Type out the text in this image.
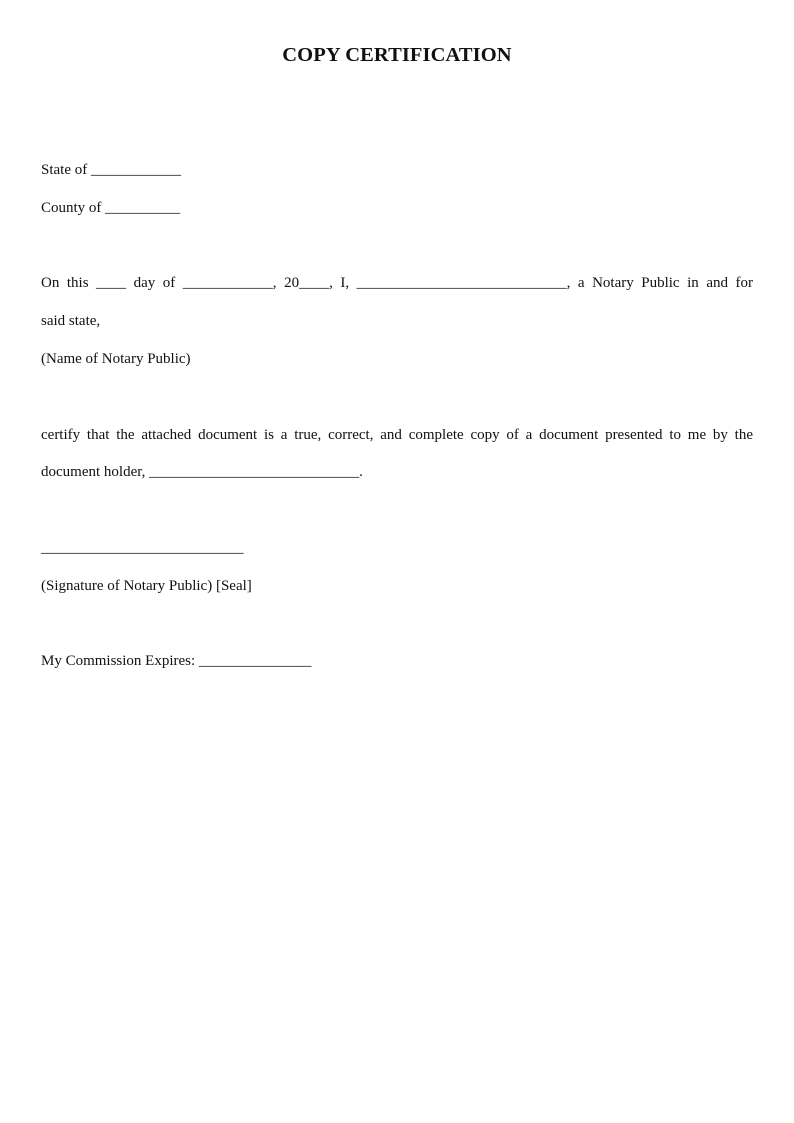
COPY CERTIFICATION
State of ____________
County of __________
On this ____ day of ____________, 20____, I, ____________________________, a Notary Public in and for
said state,
(Name of Notary Public)
certify that the attached document is a true, correct, and complete copy of a document presented to me by the
document holder, ____________________________.
___________________________
(Signature of Notary Public) [Seal]
My Commission Expires: _______________
